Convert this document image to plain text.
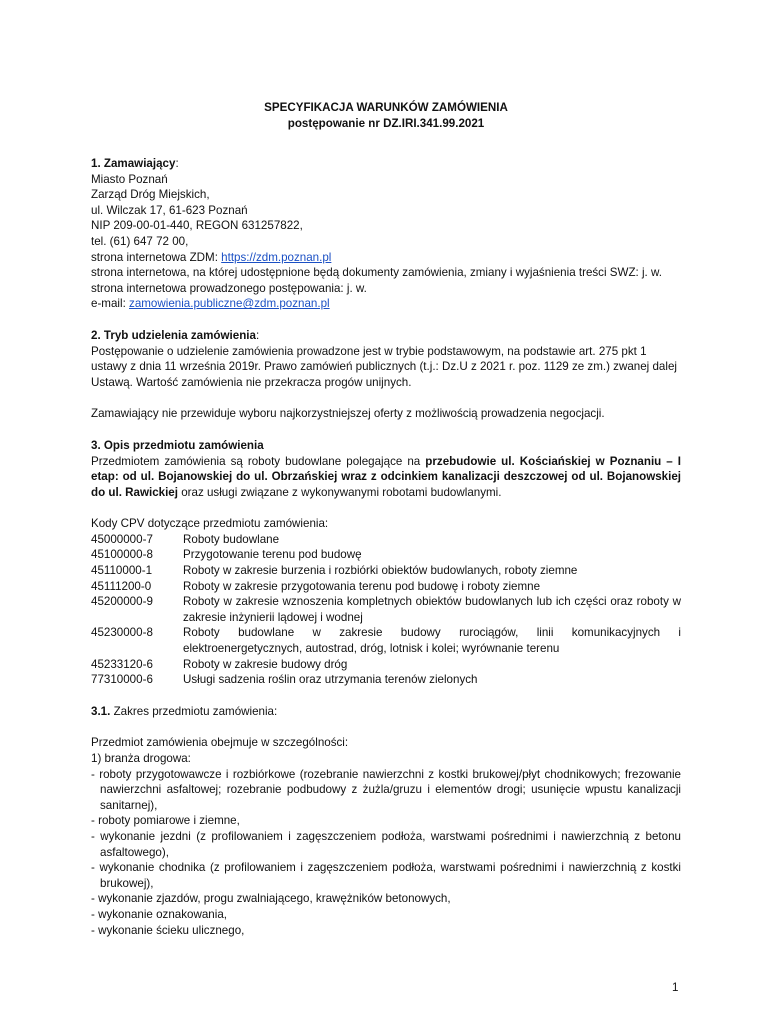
SPECYFIKACJA WARUNKÓW ZAMÓWIENIA

postępowanie nr DZ.IRI.341.99.2021

1. Zamawiający:

Miasto Poznań

Zarząd Dróg Miejskich,

ul. Wilczak 17, 61-623 Poznań

NIP 209-00-01-440, REGON 631257822,

tel. (61) 647 72 00,

strona internetowa ZDM: https://zdm.poznan.pl

strona internetowa, na której udostępnione będą dokumenty zamówienia, zmiany i wyjaśnienia treści SWZ: j. w.

strona internetowa prowadzonego postępowania: j. w.

e-mail: zamowienia.publiczne@zdm.poznan.pl

2. Tryb udzielenia zamówienia:

Postępowanie o udzielenie zamówienia prowadzone jest w trybie podstawowym, na podstawie art. 275 pkt 1 ustawy z dnia 11 września 2019r. Prawo zamówień publicznych (t.j.: Dz.U z 2021 r. poz. 1129 ze zm.) zwanej dalej Ustawą. Wartość zamówienia nie przekracza progów unijnych.

Zamawiający nie przewiduje wyboru najkorzystniejszej oferty z możliwością prowadzenia negocjacji.

3. Opis przedmiotu zamówienia

Przedmiotem zamówienia są roboty budowlane polegające na przebudowie ul. Kościańskiej w Poznaniu – I etap: od ul. Bojanowskiej do ul. Obrzańskiej wraz z odcinkiem kanalizacji deszczowej od ul. Bojanowskiej do ul. Rawickiej oraz usługi związane z wykonywanymi robotami budowlanymi.

Kody CPV dotyczące przedmiotu zamówienia:

45000000-7	Roboty budowlane
45100000-8	Przygotowanie terenu pod budowę
45110000-1	Roboty w zakresie burzenia i rozbiórki obiektów budowlanych, roboty ziemne
45111200-0	Roboty w zakresie przygotowania terenu pod budowę i roboty ziemne
45200000-9	Roboty w zakresie wznoszenia kompletnych obiektów budowlanych lub ich części oraz roboty w zakresie inżynierii lądowej i wodnej
45230000-8	Roboty budowlane w zakresie budowy rurociągów, linii komunikacyjnych i elektroenergetycznych, autostrad, dróg, lotnisk i kolei; wyrównanie terenu
45233120-6	Roboty w zakresie budowy dróg
77310000-6	Usługi sadzenia roślin oraz utrzymania terenów zielonych

3.1. Zakres przedmiotu zamówienia:

Przedmiot zamówienia obejmuje w szczególności:

1) branża drogowa:

- roboty przygotowawcze i rozbiórkowe (rozebranie nawierzchni z kostki brukowej/płyt chodnikowych; frezowanie nawierzchni asfaltowej; rozebranie podbudowy z żużla/gruzu i elementów drogi; usunięcie wpustu kanalizacji sanitarnej),

- roboty pomiarowe i ziemne,

- wykonanie jezdni (z profilowaniem i zagęszczeniem podłoża, warstwami pośrednimi i nawierzchnią z betonu asfaltowego),

- wykonanie chodnika (z profilowaniem i zagęszczeniem podłoża, warstwami pośrednimi i nawierzchnią z kostki brukowej),

- wykonanie zjazdów, progu zwalniającego, krawężników betonowych,

- wykonanie oznakowania,

- wykonanie ścieku ulicznego,

1
